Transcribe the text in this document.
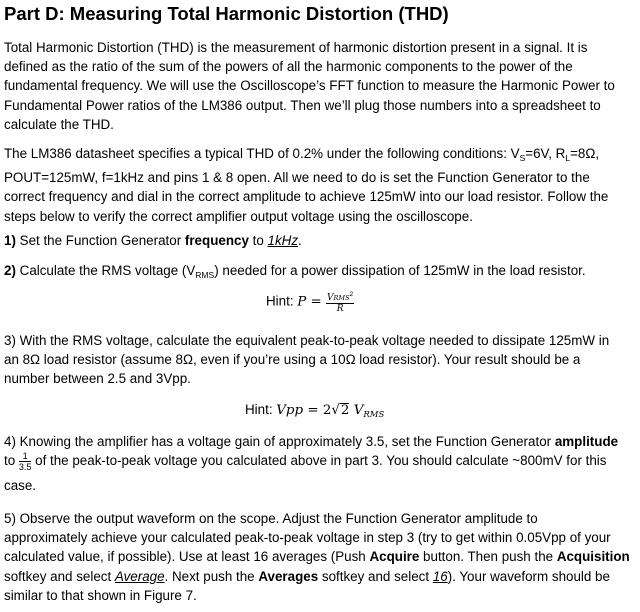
Part D: Measuring Total Harmonic Distortion (THD)

Total Harmonic Distortion (THD) is the measurement of harmonic distortion present in a signal. It is

defined as the ratio of the sum of the powers of all the harmonic components to the power of the

fundamental frequency. We will use the Oscilloscope’s FFT function to measure the Harmonic Power to

Fundamental Power ratios of the LM386 output. Then we’ll plug those numbers into a spreadsheet to

calculate the THD.

The LM386 datasheet specifies a typical THD of 0.2% under the following conditions: $V_S=6V$, $R_L=8\Omega$,

POUT=125mW, f=1kHz and pins 1 & 8 open. All we need to do is set the Function Generator to the

correct frequency and dial in the correct amplitude to achieve 125mW into our load resistor. Follow the

steps below to verify the correct amplifier output voltage using the oscilloscope.

1) Set the Function Generator frequency to 1kHz.

2) Calculate the RMS voltage $(V_{RMS})$ needed for a power dissipation of 125mW in the load resistor.

Hint: $P = \frac{VRMS^2}{R}$

3) With the RMS voltage, calculate the equivalent peak-to-peak voltage needed to dissipate 125mW in

an 8Ω load resistor (assume 8Ω, even if you’re using a 10Ω load resistor). Your result should be a

number between 2.5 and 3Vpp.

Hint: Vpp = 2√2 $V_{RMS}$

4) Knowing the amplifier has a voltage gain of approximately 3.5, set the Function Generator amplitude

to $\frac{1}{3.5}$ of the peak-to-peak voltage you calculated above in part 3. You should calculate ~800mV for this

case.

5) Observe the output waveform on the scope. Adjust the Function Generator amplitude to

approximately achieve your calculated peak-to-peak voltage in step 3 (try to get within 0.05Vpp of your

calculated value, if possible). Use at least 16 averages (Push Acquire button. Then push the Acquisition

softkey and select Average. Next push the Averages softkey and select 16). Your waveform should be

similar to that shown in Figure 7.
